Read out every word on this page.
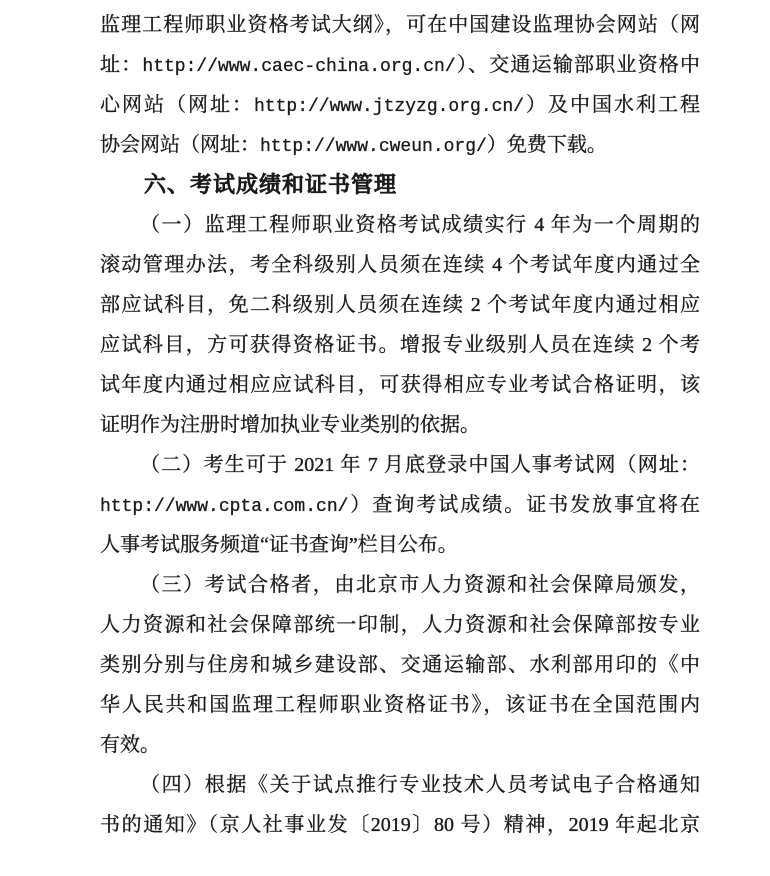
监理工程师职业资格考试大纲》，可在中国建设监理协会网站（网
址：http://www.caec-china.org.cn/）、交通运输部职业资格中
心网站（网址：http://www.jtzyzg.org.cn/）及中国水利工程
协会网站（网址：http://www.cweun.org/）免费下载。
六、考试成绩和证书管理
（一）监理工程师职业资格考试成绩实行 4 年为一个周期的
滚动管理办法，考全科级别人员须在连续 4 个考试年度内通过全
部应试科目，免二科级别人员须在连续 2 个考试年度内通过相应
应试科目，方可获得资格证书。增报专业级别人员在连续 2 个考
试年度内通过相应应试科目，可获得相应专业考试合格证明，该
证明作为注册时增加执业专业类别的依据。
（二）考生可于 2021 年 7 月底登录中国人事考试网（网址：
http://www.cpta.com.cn/）查询考试成绩。证书发放事宜将在
人事考试服务频道“证书查询”栏目公布。
（三）考试合格者，由北京市人力资源和社会保障局颁发，
人力资源和社会保障部统一印制，人力资源和社会保障部按专业
类别分别与住房和城乡建设部、交通运输部、水利部用印的《中
华人民共和国监理工程师职业资格证书》，该证书在全国范围内
有效。
（四）根据《关于试点推行专业技术人员考试电子合格通知
书的通知》（京人社事业发〔2019〕80 号）精神，2019 年起北京
